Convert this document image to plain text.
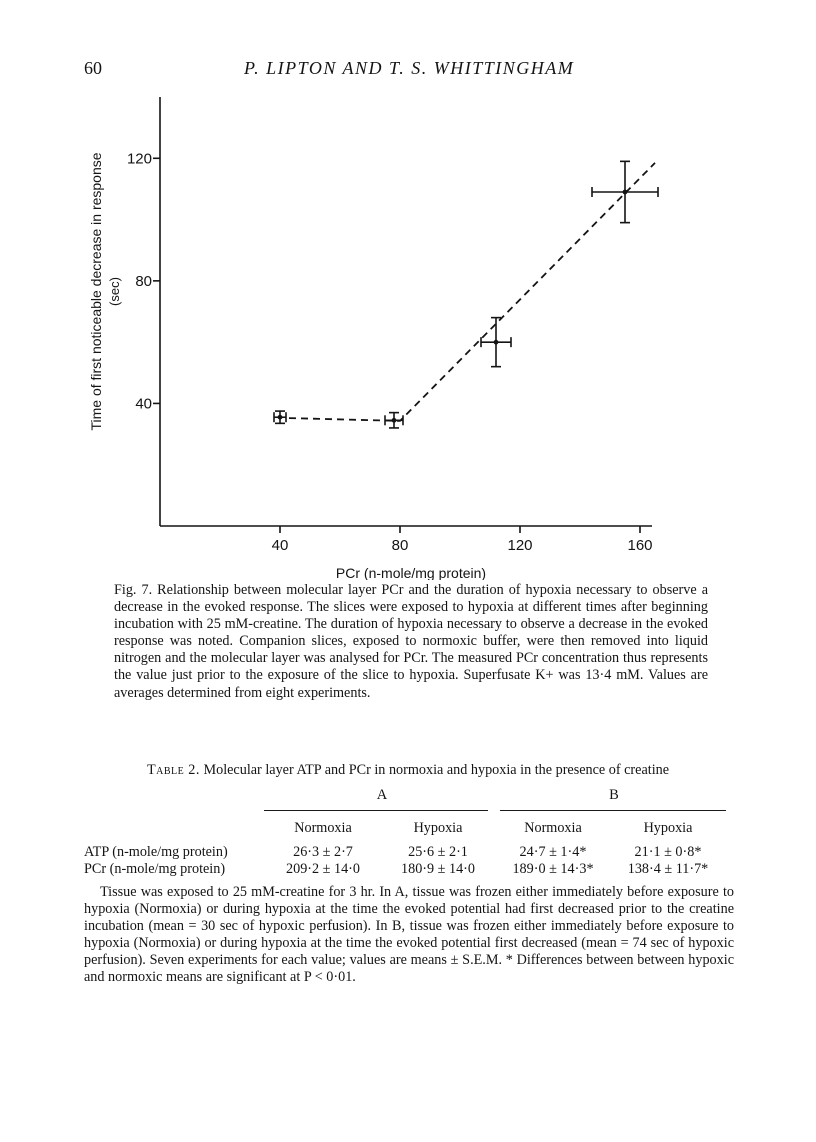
60	P. LIPTON AND T. S. WHITTINGHAM
40	80	120	160
40
80
120
PCr (n-mole/mg protein)
Time of first noticeable decrease in response (sec)
Fig. 7. Relationship between molecular layer PCr and the duration of hypoxia necessary to observe a decrease in the evoked response. The slices were exposed to hypoxia at different times after beginning incubation with 25 mM-creatine. The duration of hypoxia necessary to observe a decrease in the evoked response was noted. Companion slices, exposed to normoxic buffer, were then removed into liquid nitrogen and the molecular layer was analysed for PCr. The measured PCr concentration thus represents the value just prior to the exposure of the slice to hypoxia. Superfusate K+ was 13·4 mM. Values are averages determined from eight experiments.
Table 2. Molecular layer ATP and PCr in normoxia and hypoxia in the presence of creatine
A	B
Normoxia	Hypoxia	Normoxia	Hypoxia
ATP (n-mole/mg protein)	26·3 ± 2·7	25·6 ± 2·1	24·7 ± 1·4*	21·1 ± 0·8*
PCr (n-mole/mg protein)	209·2 ± 14·0	180·9 ± 14·0	189·0 ± 14·3*	138·4 ± 11·7*

Tissue was exposed to 25 mM-creatine for 3 hr. In A, tissue was frozen either immediately before exposure to hypoxia (Normoxia) or during hypoxia at the time the evoked potential had first decreased prior to the creatine incubation (mean = 30 sec of hypoxic perfusion). In B, tissue was frozen either immediately before exposure to hypoxia (Normoxia) or during hypoxia at the time the evoked potential first decreased (mean = 74 sec of hypoxic perfusion). Seven experiments for each value; values are means ± S.E.M. * Differences between between hypoxic and normoxic means are significant at P < 0·01.
